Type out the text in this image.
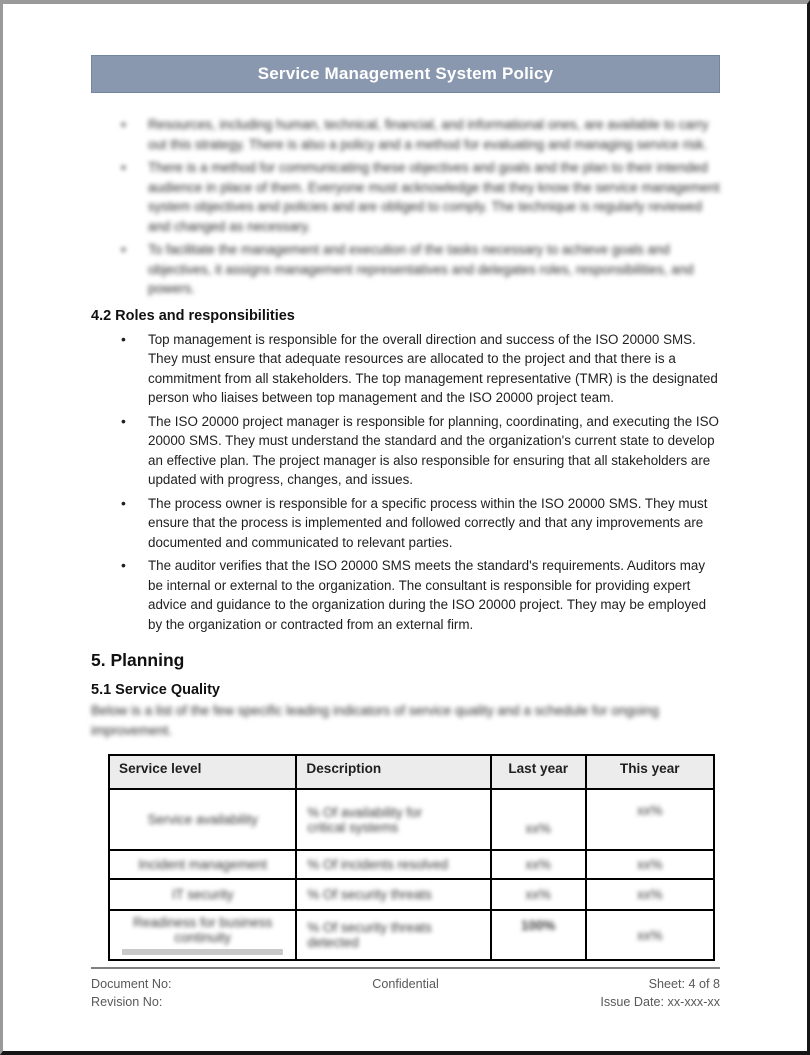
Service Management System Policy
• Resources, including human, technical, financial, and informational ones, are available to carry out this strategy. There is also a policy and a method for evaluating and managing service risk.
• There is a method for communicating these objectives and goals and the plan to their intended audience in place of them. Everyone must acknowledge that they know the service management system objectives and policies and are obliged to comply. The technique is regularly reviewed and changed as necessary.
• To facilitate the management and execution of the tasks necessary to achieve goals and objectives, it assigns management representatives and delegates roles, responsibilities, and powers.
4.2 Roles and responsibilities
• Top management is responsible for the overall direction and success of the ISO 20000 SMS. They must ensure that adequate resources are allocated to the project and that there is a commitment from all stakeholders. The top management representative (TMR) is the designated person who liaises between top management and the ISO 20000 project team.
• The ISO 20000 project manager is responsible for planning, coordinating, and executing the ISO 20000 SMS. They must understand the standard and the organization's current state to develop an effective plan. The project manager is also responsible for ensuring that all stakeholders are updated with progress, changes, and issues.
• The process owner is responsible for a specific process within the ISO 20000 SMS. They must ensure that the process is implemented and followed correctly and that any improvements are documented and communicated to relevant parties.
• The auditor verifies that the ISO 20000 SMS meets the standard's requirements. Auditors may be internal or external to the organization. The consultant is responsible for providing expert advice and guidance to the organization during the ISO 20000 project. They may be employed by the organization or contracted from an external firm.
5. Planning
5.1 Service Quality

Below is a list of the few specific leading indicators of service quality and a schedule for ongoing improvement.

Service level	Description	Last year	This year
Service availability	% Of availability for critical systems	xx%	xx%
Incident management	% Of incidents resolved	xx%	xx%
IT security	% Of security threats	xx%	xx%
Readiness for business continuity	% Of security threats detected	100%	xx%
Document No:	Confidential	Sheet: 4 of 8
Revision No:	Issue Date: xx-xxx-xx
